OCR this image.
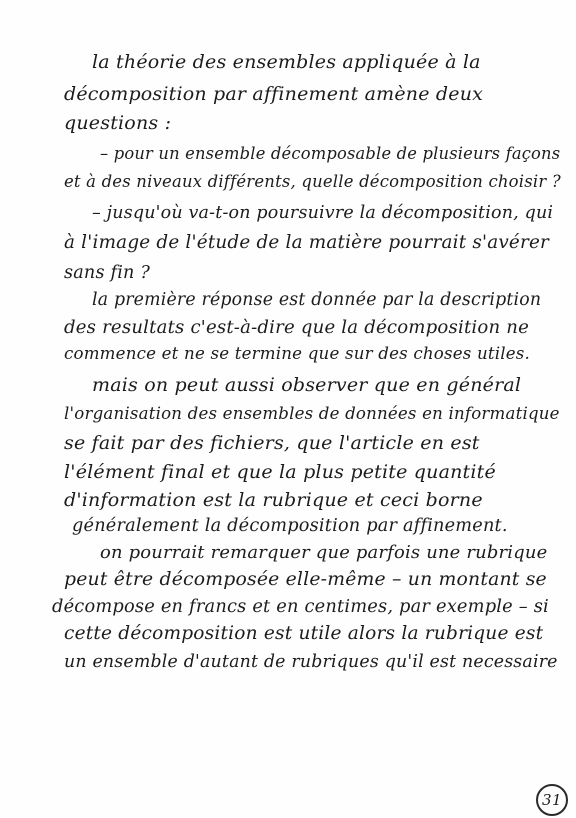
la théorie des ensembles appliquée à la
décomposition par affinement amène deux
questions :
– pour un ensemble décomposable de plusieurs façons
et à des niveaux différents, quelle décomposition choisir ?
– jusqu'où va-t-on poursuivre la décomposition, qui
à l'image de l'étude de la matière pourrait s'avérer
sans fin ?
la première réponse est donnée par la description
des resultats c'est-à-dire que la décomposition ne
commence et ne se termine que sur des choses utiles.
mais on peut aussi observer que en général
l'organisation des ensembles de données en informatique
se fait par des fichiers, que l'article en est
l'élément final et que la plus petite quantité
d'information est la rubrique et ceci borne
généralement la décomposition par affinement.
on pourrait remarquer que parfois une rubrique
peut être décomposée elle-même – un montant se
décompose en francs et en centimes, par exemple – si
cette décomposition est utile alors la rubrique est
un ensemble d'autant de rubriques qu'il est necessaire
31
